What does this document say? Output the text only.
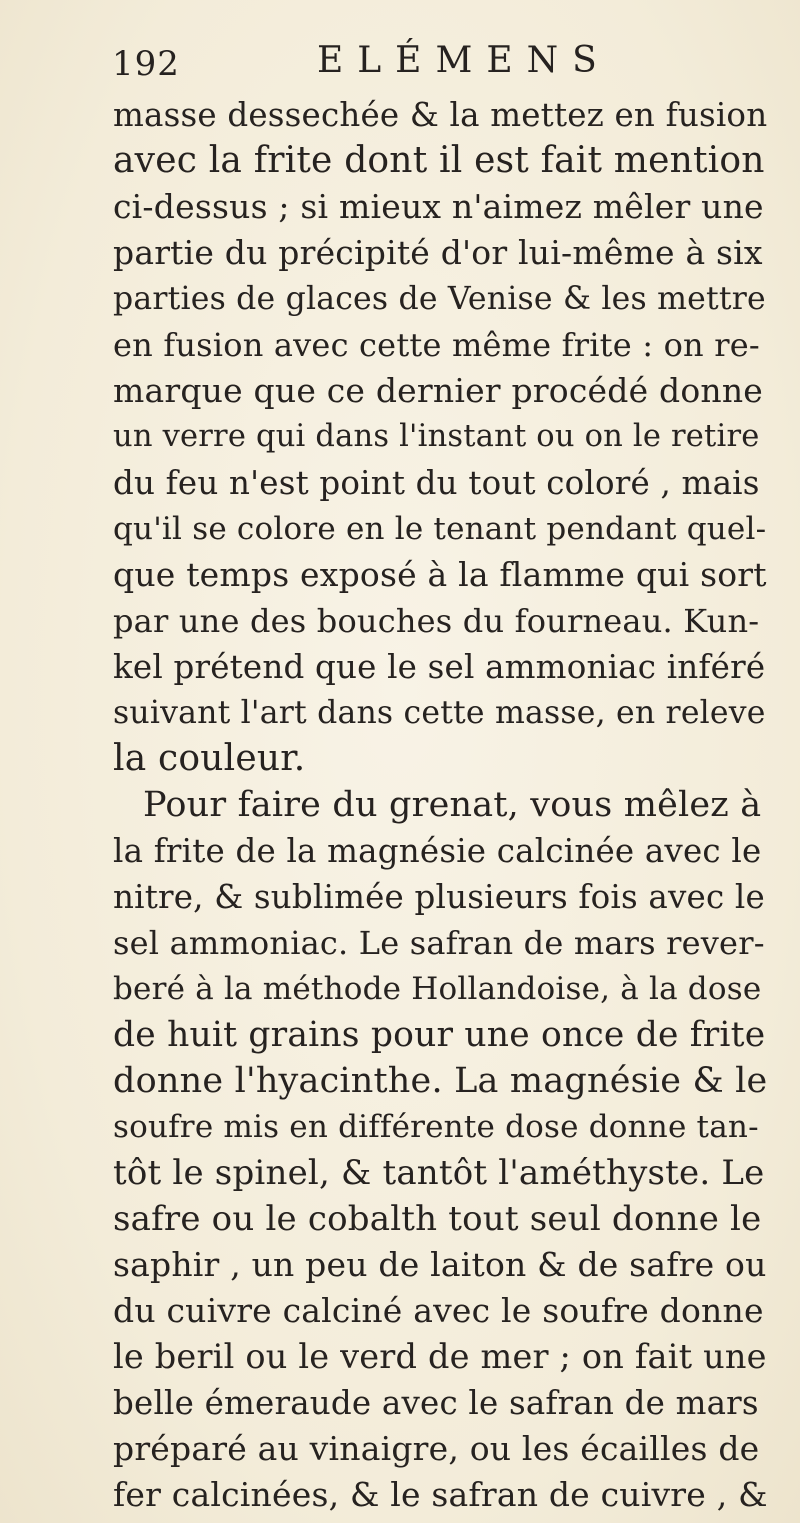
192	ELÉMENS
masse dessechée & la mettez en fusion
avec la frite dont il est fait mention
ci-dessus ; si mieux n'aimez mêler une
partie du précipité d'or lui-même à six
parties de glaces de Venise & les mettre
en fusion avec cette même frite : on re-
marque que ce dernier procédé donne
un verre qui dans l'instant ou on le retire
du feu n'est point du tout coloré , mais
qu'il se colore en le tenant pendant quel-
que temps exposé à la flamme qui sort
par une des bouches du fourneau. Kun-
kel prétend que le sel ammoniac inféré
suivant l'art dans cette masse, en releve
la couleur.
Pour faire du grenat, vous mêlez à
la frite de la magnésie calcinée avec le
nitre, & sublimée plusieurs fois avec le
sel ammoniac. Le safran de mars rever-
beré à la méthode Hollandoise, à la dose
de huit grains pour une once de frite
donne l'hyacinthe. La magnésie & le
soufre mis en différente dose donne tan-
tôt le spinel, & tantôt l'améthyste. Le
safre ou le cobalth tout seul donne le
saphir , un peu de laiton & de safre ou
du cuivre calciné avec le soufre donne
le beril ou le verd de mer ; on fait une
belle émeraude avec le safran de mars
préparé au vinaigre, ou les écailles de
fer calcinées, & le safran de cuivre , &
